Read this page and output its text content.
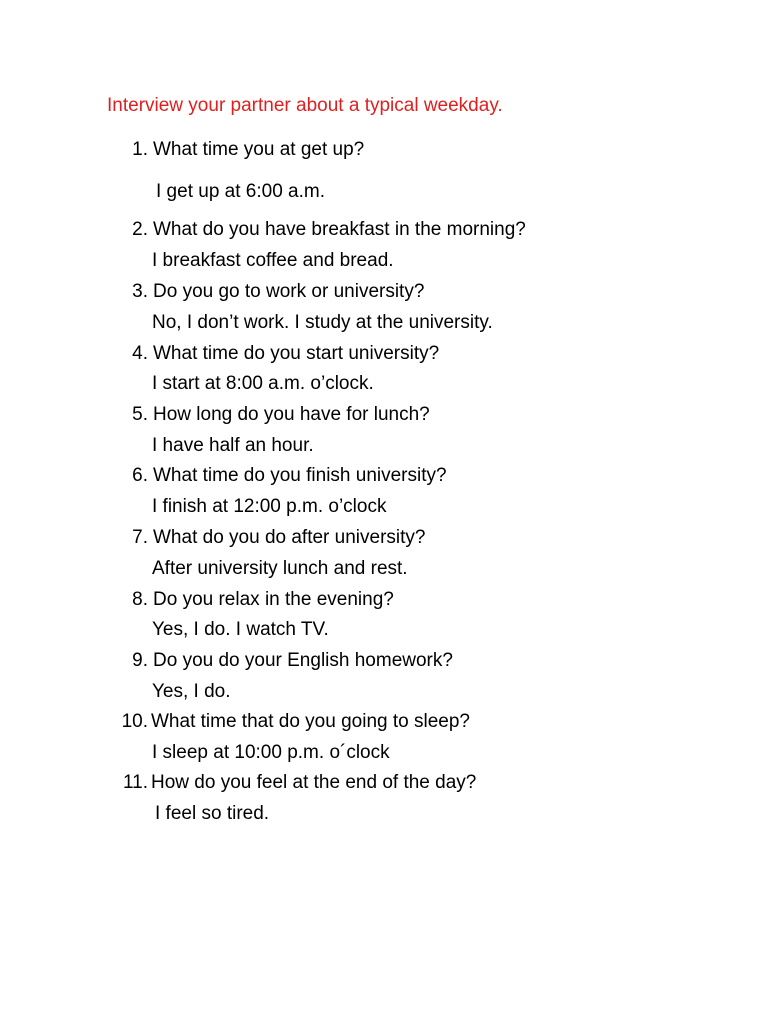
Interview your partner about a typical weekday.
1. What time you at get up?
I get up at 6:00 a.m.
2. What do you have breakfast in the morning?
I breakfast coffee and bread.
3. Do you go to work or university?
No, I don’t work. I study at the university.
4. What time do you start university?
I start at 8:00 a.m. o’clock.
5. How long do you have for lunch?
I have half an hour.
6. What time do you finish university?
I finish at 12:00 p.m. o’clock
7. What do you do after university?
After university lunch and rest.
8. Do you relax in the evening?
Yes, I do. I watch TV.
9. Do you do your English homework?
Yes, I do.
10. What time that do you going to sleep?
I sleep at 10:00 p.m. o´clock
11. How do you feel at the end of the day?
I feel so tired.
